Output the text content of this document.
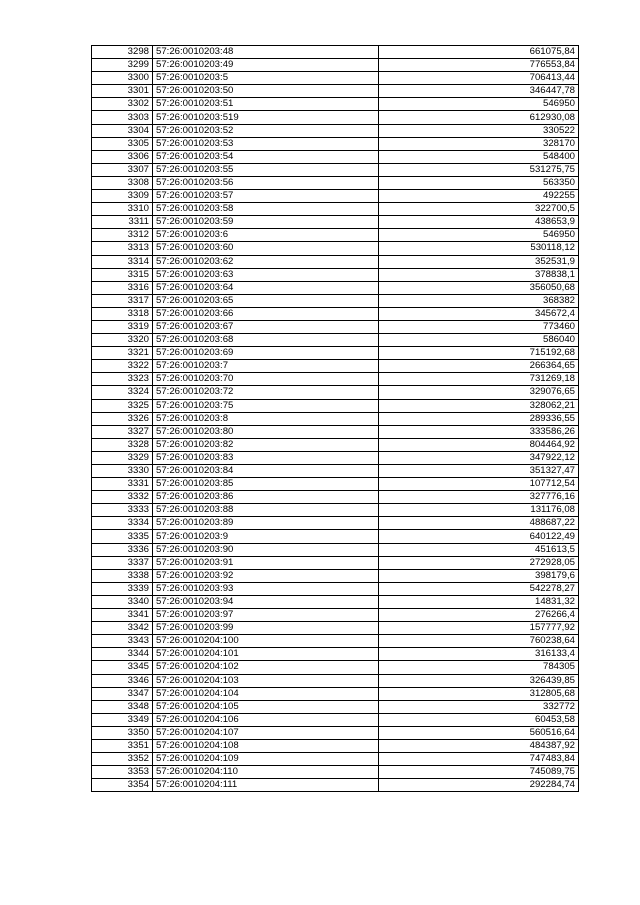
3298	57:26:0010203:48	661075,84
3299	57:26:0010203:49	776553,84
3300	57:26:0010203:5	706413,44
3301	57:26:0010203:50	346447,78
3302	57:26:0010203:51	546950
3303	57:26:0010203:519	612930,08
3304	57:26:0010203:52	330522
3305	57:26:0010203:53	328170
3306	57:26:0010203:54	548400
3307	57:26:0010203:55	531275,75
3308	57:26:0010203:56	563350
3309	57:26:0010203:57	492255
3310	57:26:0010203:58	322700,5
3311	57:26:0010203:59	438653,9
3312	57:26:0010203:6	546950
3313	57:26:0010203:60	530118,12
3314	57:26:0010203:62	352531,9
3315	57:26:0010203:63	378838,1
3316	57:26:0010203:64	356050,68
3317	57:26:0010203:65	368382
3318	57:26:0010203:66	345672,4
3319	57:26:0010203:67	773460
3320	57:26:0010203:68	586040
3321	57:26:0010203:69	715192,68
3322	57:26:0010203:7	266364,65
3323	57:26:0010203:70	731269,18
3324	57:26:0010203:72	329076,65
3325	57:26:0010203:75	328062,21
3326	57:26:0010203:8	289336,55
3327	57:26:0010203:80	333586,26
3328	57:26:0010203:82	804464,92
3329	57:26:0010203:83	347922,12
3330	57:26:0010203:84	351327,47
3331	57:26:0010203:85	107712,54
3332	57:26:0010203:86	327776,16
3333	57:26:0010203:88	131176,08
3334	57:26:0010203:89	488687,22
3335	57:26:0010203:9	640122,49
3336	57:26:0010203:90	451613,5
3337	57:26:0010203:91	272928,05
3338	57:26:0010203:92	398179,6
3339	57:26:0010203:93	542278,27
3340	57:26:0010203:94	14831,32
3341	57:26:0010203:97	276266,4
3342	57:26:0010203:99	157777,92
3343	57:26:0010204:100	760238,64
3344	57:26:0010204:101	316133,4
3345	57:26:0010204:102	784305
3346	57:26:0010204:103	326439,85
3347	57:26:0010204:104	312805,68
3348	57:26:0010204:105	332772
3349	57:26:0010204:106	60453,58
3350	57:26:0010204:107	560516,64
3351	57:26:0010204:108	484387,92
3352	57:26:0010204:109	747483,84
3353	57:26:0010204:110	745089,75
3354	57:26:0010204:111	292284,74
